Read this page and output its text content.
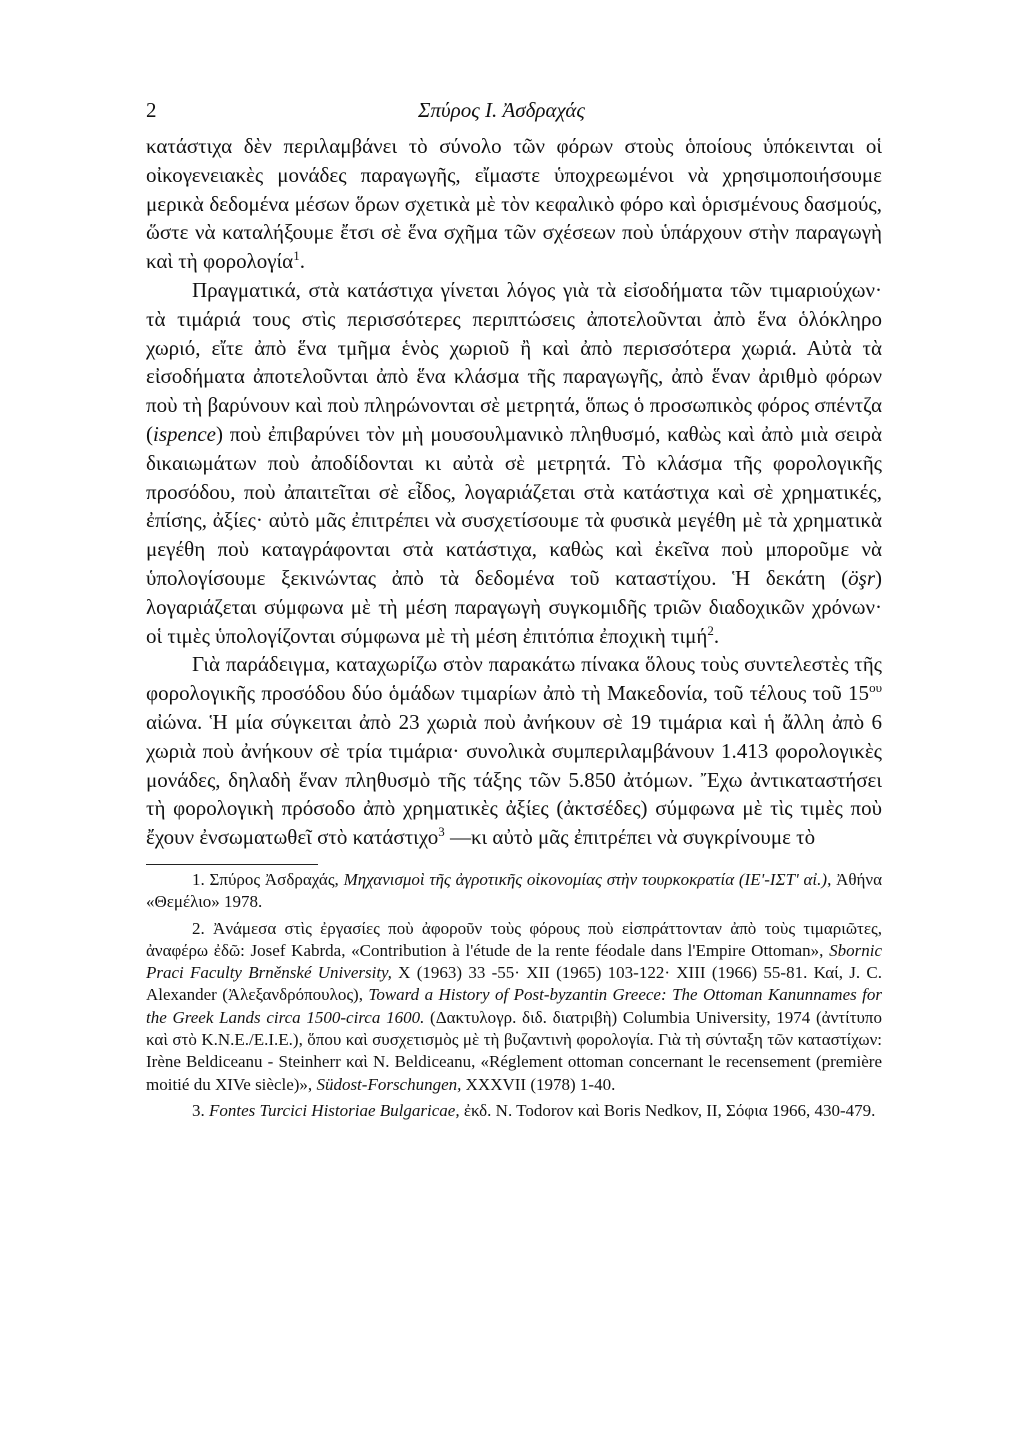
2	Σπύρος Ι. Ἀσδραχάς

κατάστιχα δὲν περιλαμβάνει τὸ σύνολο τῶν φόρων στοὺς ὁποίους ὑπόκεινται οἱ οἰκογενειακὲς μονάδες παραγωγῆς, εἴμαστε ὑποχρεωμένοι νὰ χρησιμοποιήσουμε μερικὰ δεδομένα μέσων ὅρων σχετικὰ μὲ τὸν κεφαλικὸ φόρο καὶ ὁρισμένους δασμούς, ὥστε νὰ καταλήξουμε ἔτσι σὲ ἕνα σχῆμα τῶν σχέσεων ποὺ ὑπάρχουν στὴν παραγωγὴ καὶ τὴ φορολογία$^1$.

Πραγματικά, στὰ κατάστιχα γίνεται λόγος γιὰ τὰ εἰσοδήματα τῶν τιμαριούχων· τὰ τιμάριά τους στὶς περισσότερες περιπτώσεις ἀποτελοῦνται ἀπὸ ἕνα ὁλόκληρο χωριό, εἴτε ἀπὸ ἕνα τμῆμα ἑνὸς χωριοῦ ἢ καὶ ἀπὸ περισσότερα χωριά. Αὐτὰ τὰ εἰσοδήματα ἀποτελοῦνται ἀπὸ ἕνα κλάσμα τῆς παραγωγῆς, ἀπὸ ἕναν ἀριθμὸ φόρων ποὺ τὴ βαρύνουν καὶ ποὺ πληρώνονται σὲ μετρητά, ὅπως ὁ προσωπικὸς φόρος σπέντζα (ispence) ποὺ ἐπιβαρύνει τὸν μὴ μουσουλμανικὸ πληθυσμό, καθὼς καὶ ἀπὸ μιὰ σειρὰ δικαιωμάτων ποὺ ἀποδίδονται κι αὐτὰ σὲ μετρητά. Τὸ κλάσμα τῆς φορολογικῆς προσόδου, ποὺ ἀπαιτεῖται σὲ εἶδος, λογαριάζεται στὰ κατάστιχα καὶ σὲ χρηματικές, ἐπίσης, ἀξίες· αὐτὸ μᾶς ἐπιτρέπει νὰ συσχετίσουμε τὰ φυσικὰ μεγέθη μὲ τὰ χρηματικὰ μεγέθη ποὺ καταγράφονται στὰ κατάστιχα, καθὼς καὶ ἐκεῖνα ποὺ μποροῦμε νὰ ὑπολογίσουμε ξεκινώντας ἀπὸ τὰ δεδομένα τοῦ καταστίχου. Ἡ δεκάτη (öşr) λογαριάζεται σύμφωνα μὲ τὴ μέση παραγωγὴ συγκομιδῆς τριῶν διαδοχικῶν χρόνων· οἱ τιμὲς ὑπολογίζονται σύμφωνα μὲ τὴ μέση ἐπιτόπια ἐποχικὴ τιμή$^2$.

Γιὰ παράδειγμα, καταχωρίζω στὸν παρακάτω πίνακα ὅλους τοὺς συντελεστὲς τῆς φορολογικῆς προσόδου δύο ὁμάδων τιμαρίων ἀπὸ τὴ Μακεδονία, τοῦ τέλους τοῦ $15^{o\upsilon}$ αἰώνα. Ἡ μία σύγκειται ἀπὸ 23 χωριὰ ποὺ ἀνήκουν σὲ 19 τιμάρια καὶ ἡ ἄλλη ἀπὸ 6 χωριὰ ποὺ ἀνήκουν σὲ τρία τιμάρια· συνολικὰ συμπεριλαμβάνουν 1.413 φορολογικὲς μονάδες, δηλαδὴ ἕναν πληθυσμὸ τῆς τάξης τῶν 5.850 ἀτόμων. Ἔχω ἀντικαταστήσει τὴ φορολογικὴ πρόσοδο ἀπὸ χρηματικὲς ἀξίες (ἀκτσέδες) σύμφωνα μὲ τὶς τιμὲς ποὺ ἔχουν ἐνσωματωθεῖ στὸ κατάστιχο$^3$ —κι αὐτὸ μᾶς ἐπιτρέπει νὰ συγκρίνουμε τὸ

1. Σπύρος Ἀσδραχάς, Μηχανισμοὶ τῆς ἀγροτικῆς οἰκονομίας στὴν τουρκοκρατία (ΙΕ'-ΙΣΤ' αἰ.), Ἀθήνα «Θεμέλιο» 1978.

2. Ἀνάμεσα στὶς ἐργασίες ποὺ ἀφοροῦν τοὺς φόρους ποὺ εἰσπράττονταν ἀπὸ τοὺς τιμαριῶτες, ἀναφέρω ἐδῶ: Josef Kabrda, «Contribution à l'étude de la rente féodale dans l'Empire Ottoman», Sbornic Praci Faculty Brněnské University, X (1963) 33 -55· XII (1965) 103-122· XIII (1966) 55-81. Καί, J. C. Alexander (Ἀλεξανδρόπουλος), Toward a History of Post-byzantin Greece: The Ottoman Kanunnames for the Greek Lands circa 1500-circa 1600. (Δακτυλογρ. διδ. διατριβὴ) Columbia University, 1974 (ἀντίτυπο καὶ στὸ Κ.Ν.Ε./Ε.Ι.Ε.), ὅπου καὶ συσχετισμὸς μὲ τὴ βυζαντινὴ φορολογία. Γιὰ τὴ σύνταξη τῶν καταστίχων: Irène Beldiceanu - Steinherr καὶ N. Beldiceanu, «Réglement ottoman concernant le recensement (première moitié du XIVe siècle)», Südost-Forschungen, XXXVII (1978) 1-40.

3. Fontes Turcici Historiae Bulgaricae, ἐκδ. N. Todorov καὶ Boris Nedkov, II, Σόφια 1966, 430-479.
